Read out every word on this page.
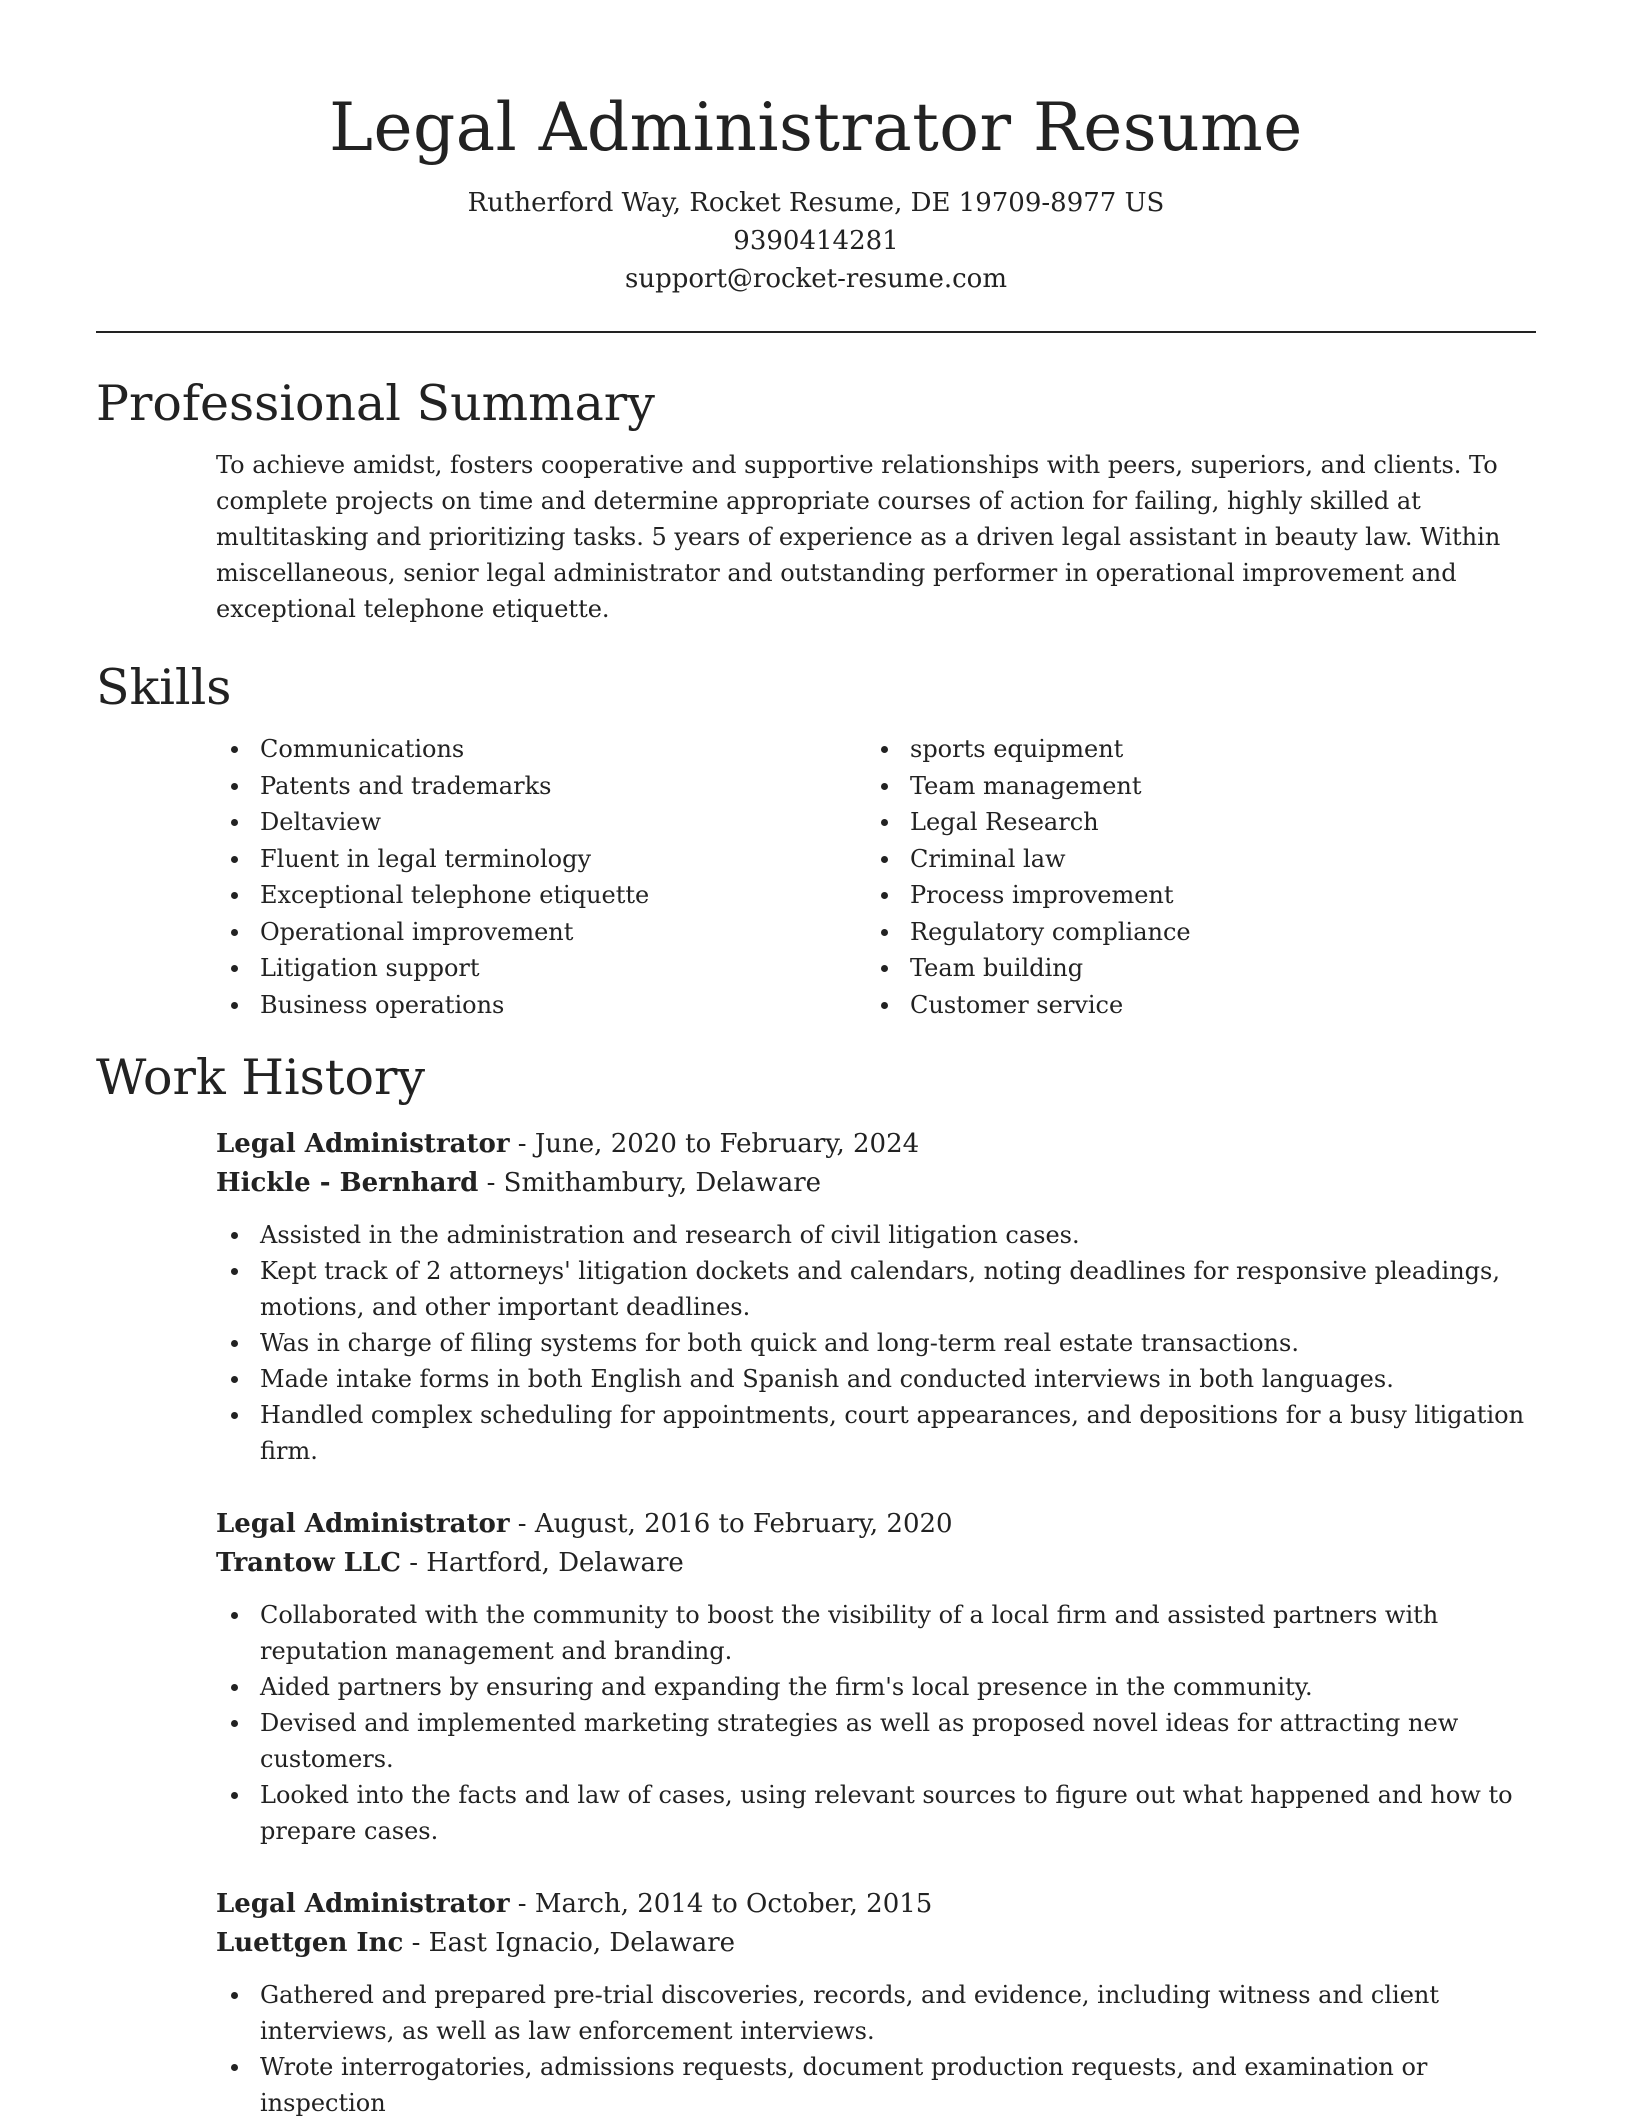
Legal Administrator Resume

Rutherford Way, Rocket Resume, DE 19709-8977 US

9390414281

support@rocket-resume.com

Professional Summary

To achieve amidst, fosters cooperative and supportive relationships with peers, superiors, and clients. To complete projects on time and determine appropriate courses of action for failing, highly skilled at multitasking and prioritizing tasks. 5 years of experience as a driven legal assistant in beauty law. Within miscellaneous, senior legal administrator and outstanding performer in operational improvement and exceptional telephone etiquette.

Skills
Communications
Patents and trademarks
Deltaview
Fluent in legal terminology
Exceptional telephone etiquette
Operational improvement
Litigation support
Business operations
sports equipment
Team management
Legal Research
Criminal law
Process improvement
Regulatory compliance
Team building
Customer service
Work History
Legal Administrator - June, 2020 to February, 2024
Hickle - Bernhard - Smithambury, Delaware
Assisted in the administration and research of civil litigation cases.
Kept track of 2 attorneys' litigation dockets and calendars, noting deadlines for responsive pleadings, motions, and other important deadlines.
Was in charge of filing systems for both quick and long-term real estate transactions.
Made intake forms in both English and Spanish and conducted interviews in both languages.
Handled complex scheduling for appointments, court appearances, and depositions for a busy litigation firm.
Legal Administrator - August, 2016 to February, 2020
Trantow LLC - Hartford, Delaware
Collaborated with the community to boost the visibility of a local firm and assisted partners with reputation management and branding.
Aided partners by ensuring and expanding the firm's local presence in the community.
Devised and implemented marketing strategies as well as proposed novel ideas for attracting new customers.
Looked into the facts and law of cases, using relevant sources to figure out what happened and how to prepare cases.
Legal Administrator - March, 2014 to October, 2015
Luettgen Inc - East Ignacio, Delaware
Gathered and prepared pre-trial discoveries, records, and evidence, including witness and client interviews, as well as law enforcement interviews.
Wrote interrogatories, admissions requests, document production requests, and examination or inspection
